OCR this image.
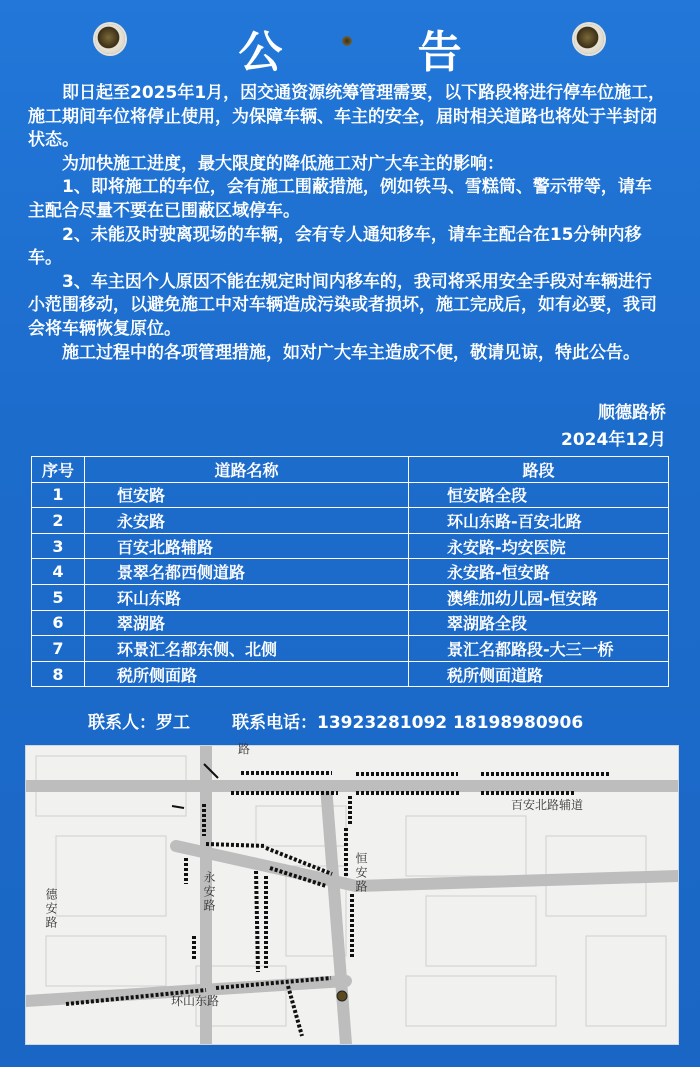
公 告

即日起至2025年1月，因交通资源统筹管理需要，以下路段将进行停车位施工，施工期间车位将停止使用，为保障车辆、车主的安全，届时相关道路也将处于半封闭状态。

为加快施工进度，最大限度的降低施工对广大车主的影响：

1、即将施工的车位，会有施工围蔽措施，例如铁马、雪糕筒、警示带等，请车主配合尽量不要在已围蔽区域停车。

2、未能及时驶离现场的车辆，会有专人通知移车，请车主配合在15分钟内移车。

3、车主因个人原因不能在规定时间内移车的，我司将采用安全手段对车辆进行小范围移动，以避免施工中对车辆造成污染或者损坏，施工完成后，如有必要，我司会将车辆恢复原位。

施工过程中的各项管理措施，如对广大车主造成不便，敬请见谅，特此公告。

顺德路桥
2024年12月
序号	道路名称	路段
1	恒安路	恒安路全段
2	永安路	环山东路-百安北路
3	百安北路辅路	永安路-均安医院
4	景翠名都西侧道路	永安路-恒安路
5	环山东路	澳维加幼儿园-恒安路
6	翠湖路	翠湖路全段
7	环景汇名都东侧、北侧	景汇名都路段-大三一桥
8	税所侧面路	税所侧面道路
联系人：罗工 联系电话：13923281092 18198980906
百安北路辅道
恒安路
永安路
德安路
环山东路
路
